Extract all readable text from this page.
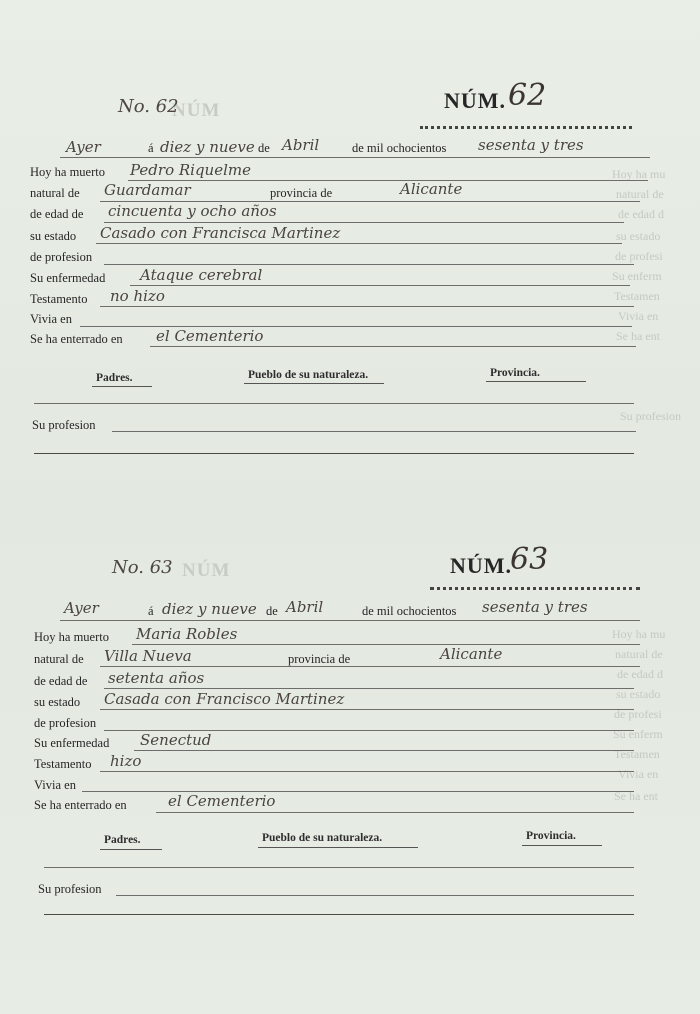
NÚM
NÚM
Hoy ha mu
natural de
de edad d
su estado
de profesi
Su enferm
Testamen
Vivia en
Se ha ent
Su profesion
Hoy ha mu
natural de
de edad d
su estado
de profesi
Su enferm
Testamen
Vivia en
Se ha ent
No. 62	NÚM. 62
Ayer	á diez y nueve de Abril	de mil ochocientos sesenta y tres
Hoy ha muerto Pedro Riquelme
natural de Guardamar	provincia de	Alicante
de edad de cincuenta y ocho años
su estado Casado con Francisca Martinez
de profesion
Su enfermedad Ataque cerebral
Testamento no hizo
Vivia en
Se ha enterrado en el Cementerio
Padres.	Pueblo de su naturaleza.	Provincia.
Su profesion
No. 63	NÚM.
63
Ayer	á diez y nueve de Abril	de mil ochocientos sesenta y tres
Hoy ha muerto Maria Robles
natural de Villa Nueva	provincia de	Alicante
de edad de setenta años
su estado Casada con Francisco Martinez
de profesion
Su enfermedad Senectud
Testamento hizo
Vivia en
Se ha enterrado en	el Cementerio
Padres.	Pueblo de su naturaleza.	Provincia.
Su profesion
